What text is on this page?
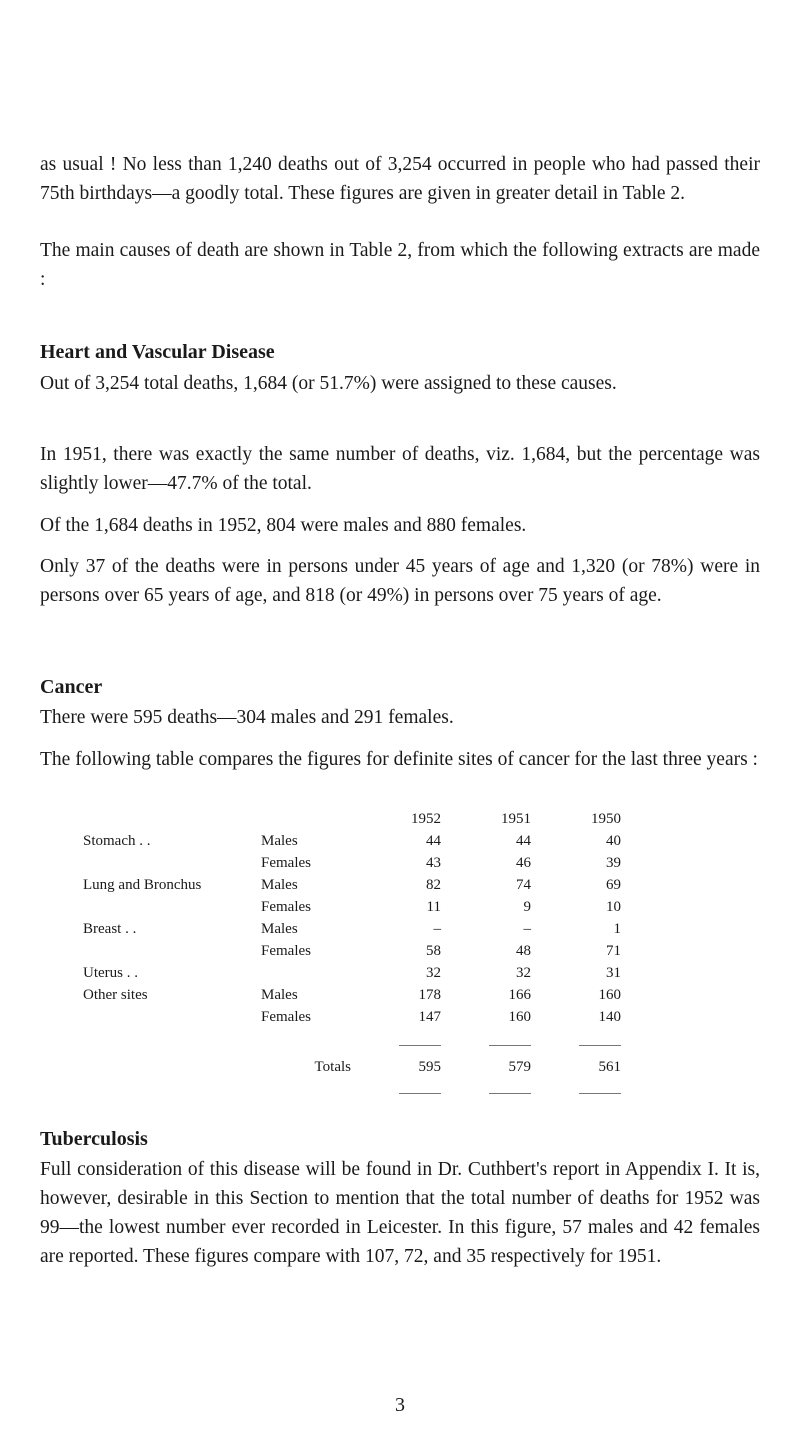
as usual ! No less than 1,240 deaths out of 3,254 occurred in people who had passed their 75th birthdays—a goodly total. These figures are given in greater detail in Table 2.

The main causes of death are shown in Table 2, from which the following extracts are made :

Heart and Vascular Disease

Out of 3,254 total deaths, 1,684 (or 51.7%) were assigned to these causes.

In 1951, there was exactly the same number of deaths, viz. 1,684, but the percentage was slightly lower—47.7% of the total.

Of the 1,684 deaths in 1952, 804 were males and 880 females.

Only 37 of the deaths were in persons under 45 years of age and 1,320 (or 78%) were in persons over 65 years of age, and 818 (or 49%) in persons over 75 years of age.

Cancer

There were 595 deaths—304 males and 291 females.

The following table compares the figures for definite sites of cancer for the last three years :

		1952	1951	1950
Stomach . .	Males	44	44	40
	Females	43	46	39
Lung and Bronchus	Males	82	74	69
	Females	11	9	10
Breast . .	Males	–	–	1
	Females	58	48	71
Uterus . .		32	32	31
Other sites	Males	178	166	160
	Females	147	160	140

	Totals	595	579	561

Tuberculosis

Full consideration of this disease will be found in Dr. Cuthbert's report in Appendix I. It is, however, desirable in this Section to mention that the total number of deaths for 1952 was 99—the lowest number ever recorded in Leicester. In this figure, 57 males and 42 females are reported. These figures compare with 107, 72, and 35 respectively for 1951.

3
